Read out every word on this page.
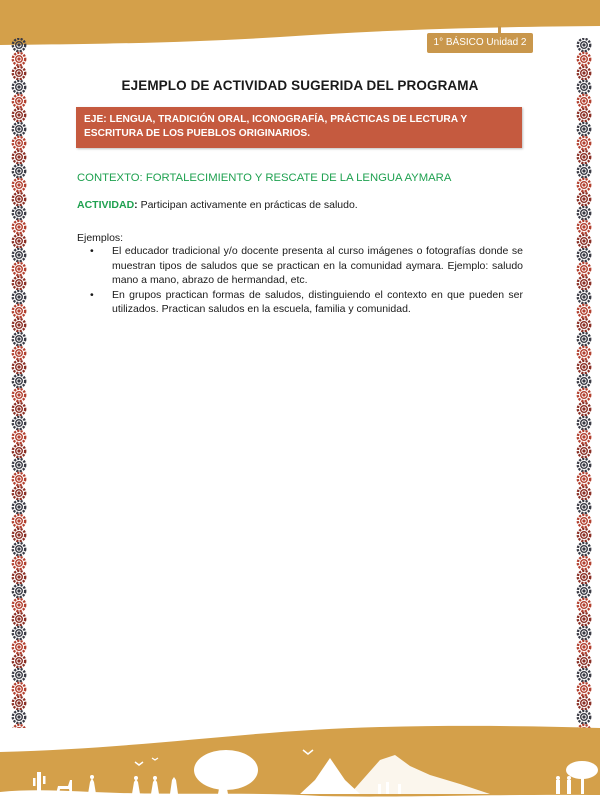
1° BÁSICO Unidad 2
EJEMPLO DE ACTIVIDAD SUGERIDA DEL PROGRAMA
EJE: LENGUA, TRADICIÓN ORAL, ICONOGRAFÍA, PRÁCTICAS DE LECTURA Y ESCRITURA DE LOS PUEBLOS ORIGINARIOS.
CONTEXTO: FORTALECIMIENTO Y RESCATE DE LA LENGUA AYMARA
ACTIVIDAD: Participan activamente en prácticas de saludo.
Ejemplos:
• El educador tradicional y/o docente presenta al curso imágenes o fotografías donde se muestran tipos de saludos que se practican en la comunidad aymara. Ejemplo: saludo mano a mano, abrazo de hermandad, etc.
• En grupos practican formas de saludos, distinguiendo el contexto en que pueden ser utilizados. Practican saludos en la escuela, familia y comunidad.
